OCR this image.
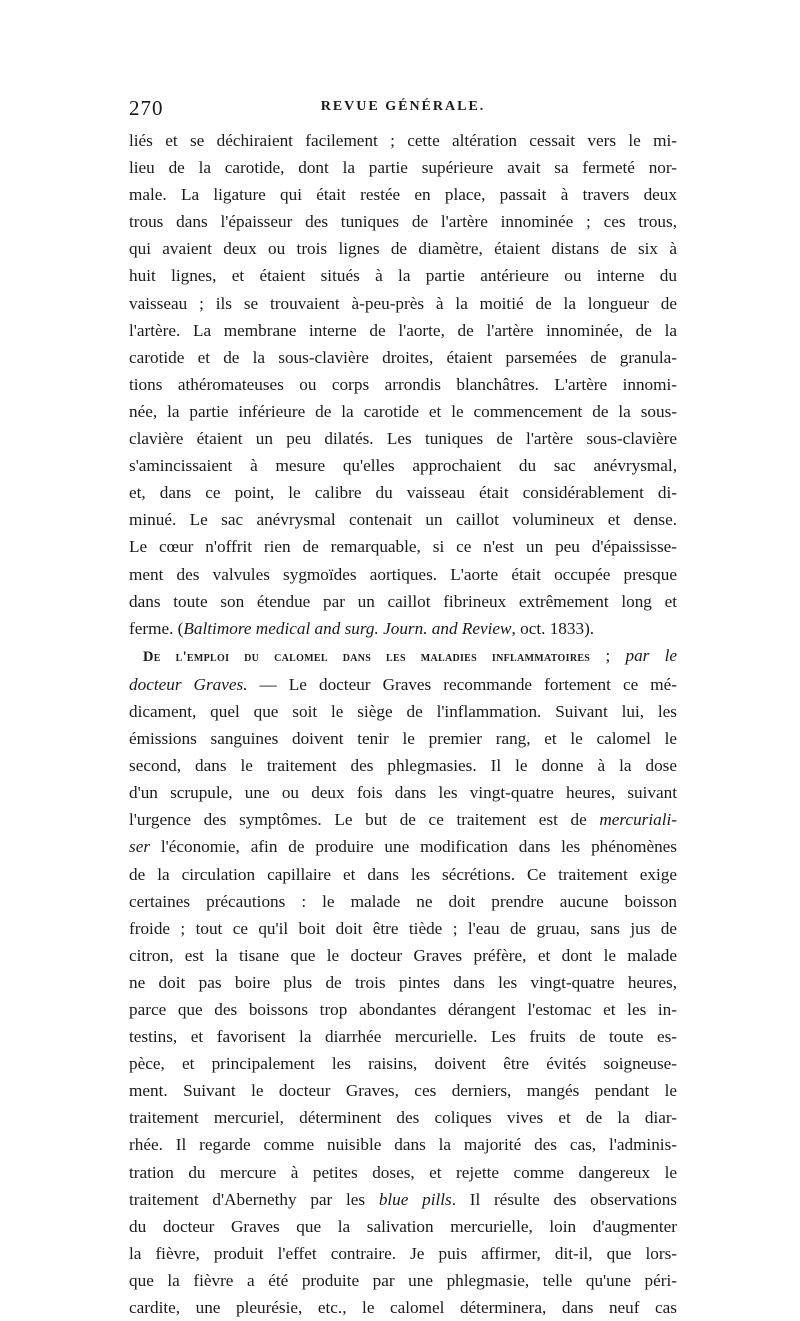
270	REVUE GÉNÉRALE.
liés et se déchiraient facilement ; cette altération cessait vers le mi-
lieu de la carotide, dont la partie supérieure avait sa fermeté nor-
male. La ligature qui était restée en place, passait à travers deux
trous dans l'épaisseur des tuniques de l'artère innominée ; ces trous,
qui avaient deux ou trois lignes de diamètre, étaient distans de six à
huit lignes, et étaient situés à la partie antérieure ou interne du
vaisseau ; ils se trouvaient à-peu-près à la moitié de la longueur de
l'artère. La membrane interne de l'aorte, de l'artère innominée, de la
carotide et de la sous-clavière droites, étaient parsemées de granula-
tions athéromateuses ou corps arrondis blanchâtres. L'artère innomi-
née, la partie inférieure de la carotide et le commencement de la sous-
clavière étaient un peu dilatés. Les tuniques de l'artère sous-clavière
s'amincissaient à mesure qu'elles approchaient du sac anévrysmal,
et, dans ce point, le calibre du vaisseau était considérablement di-
minué. Le sac anévrysmal contenait un caillot volumineux et dense.
Le cœur n'offrit rien de remarquable, si ce n'est un peu d'épaississe-
ment des valvules sygmoïdes aortiques. L'aorte était occupée presque
dans toute son étendue par un caillot fibrineux extrêmement long et
ferme. (Baltimore medical and surg. Journ. and Review, oct. 1833).
De l'emploi du calomel dans les maladies inflammatoires ; par le
docteur Graves. — Le docteur Graves recommande fortement ce mé-
dicament, quel que soit le siège de l'inflammation. Suivant lui, les
émissions sanguines doivent tenir le premier rang, et le calomel le
second, dans le traitement des phlegmasies. Il le donne à la dose
d'un scrupule, une ou deux fois dans les vingt-quatre heures, suivant
l'urgence des symptômes. Le but de ce traitement est de mercuriali-
ser l'économie, afin de produire une modification dans les phénomènes
de la circulation capillaire et dans les sécrétions. Ce traitement exige
certaines précautions : le malade ne doit prendre aucune boisson
froide ; tout ce qu'il boit doit être tiède ; l'eau de gruau, sans jus de
citron, est la tisane que le docteur Graves préfère, et dont le malade
ne doit pas boire plus de trois pintes dans les vingt-quatre heures,
parce que des boissons trop abondantes dérangent l'estomac et les in-
testins, et favorisent la diarrhée mercurielle. Les fruits de toute es-
pèce, et principalement les raisins, doivent être évités soigneuse-
ment. Suivant le docteur Graves, ces derniers, mangés pendant le
traitement mercuriel, déterminent des coliques vives et de la diar-
rhée. Il regarde comme nuisible dans la majorité des cas, l'adminis-
tration du mercure à petites doses, et rejette comme dangereux le
traitement d'Abernethy par les blue pills. Il résulte des observations
du docteur Graves que la salivation mercurielle, loin d'augmenter
la fièvre, produit l'effet contraire. Je puis affirmer, dit-il, que lors-
que la fièvre a été produite par une phlegmasie, telle qu'une péri-
cardite, une pleurésie, etc., le calomel déterminera, dans neuf cas
